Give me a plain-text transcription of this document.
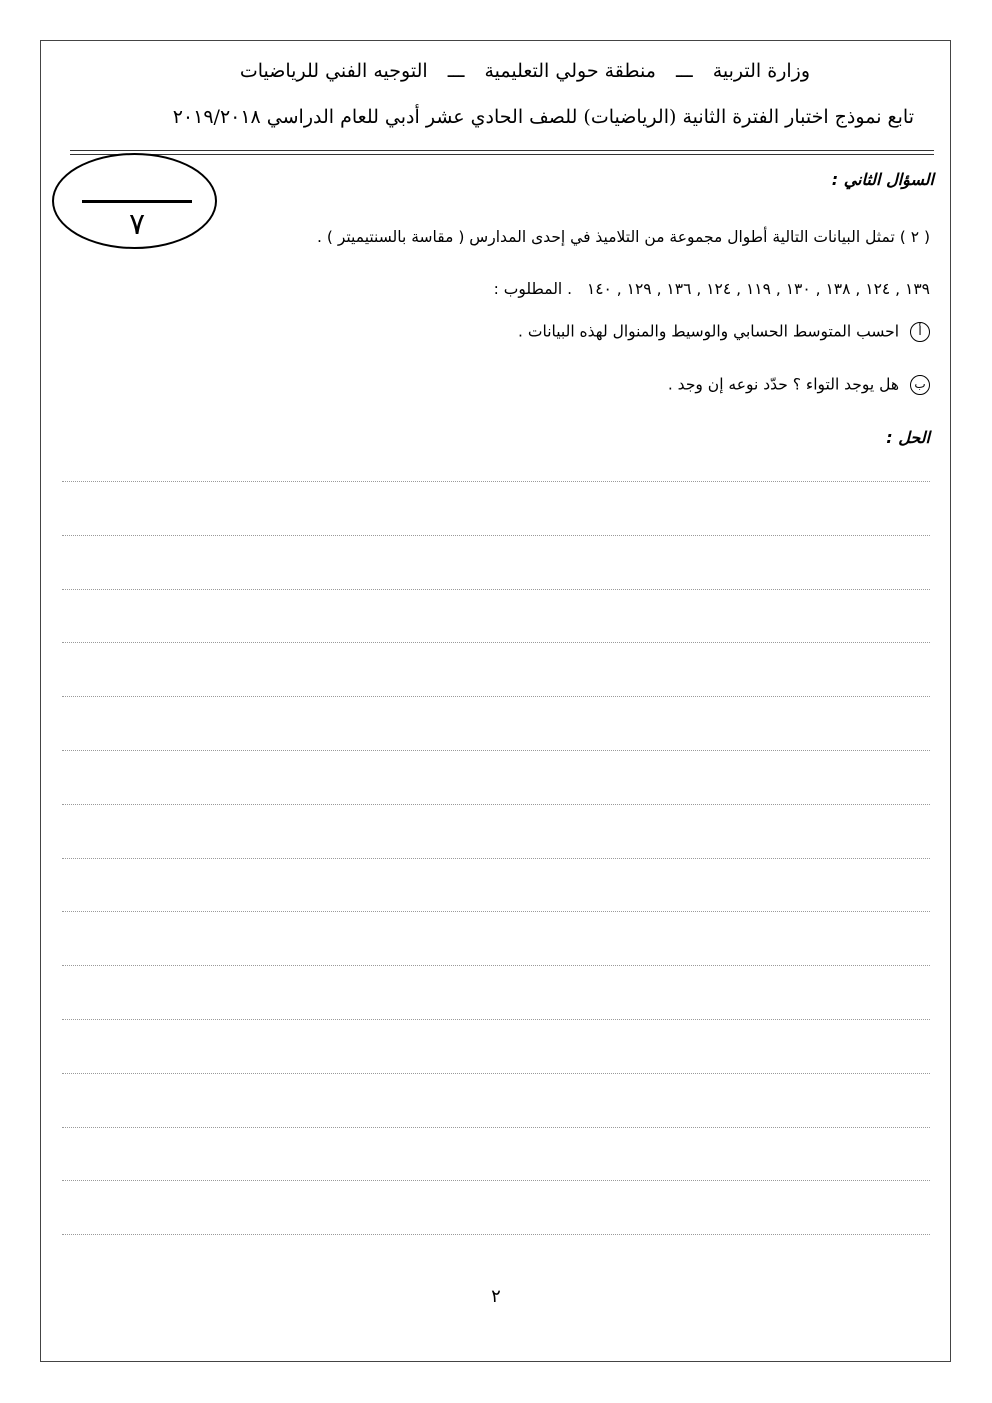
وزارة التربية ـــ منطقة حولي التعليمية ـــ التوجيه الفني للرياضيات
تابع نموذج اختبار الفترة الثانية (الرياضيات) للصف الحادي عشر أدبي للعام الدراسي ٢٠١٩/٢٠١٨
٧
السؤال الثاني :
( ٢ ) تمثل البيانات التالية أطوال مجموعة من التلاميذ في إحدى المدارس ( مقاسة بالسنتيميتر ) .
١٣٩ , ١٢٤ , ١٣٨ , ١٣٠ , ١١٩ , ١٢٤ , ١٣٦ , ١٢٩ , ١٤٠   . المطلوب :
أ احسب المتوسط الحسابي والوسيط والمنوال لهذه البيانات .
ب هل يوجد التواء ؟ حدّد نوعه إن وجد .
الحل :
٢
